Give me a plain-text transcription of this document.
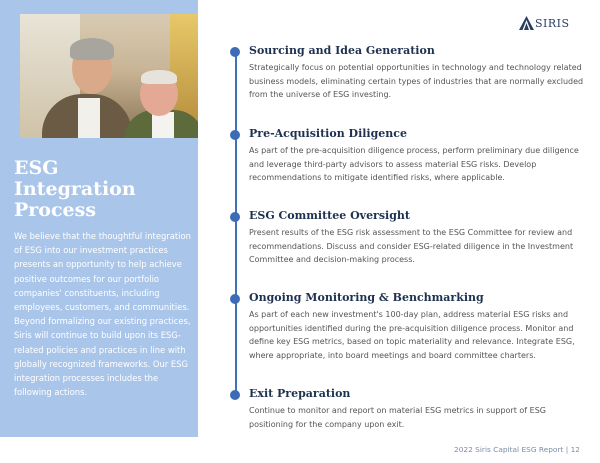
ESG
Integration
Process

We believe that the thoughtful integration of ESG into our investment practices presents an opportunity to help achieve positive outcomes for our portfolio companies' constituents, including employees, customers, and communities. Beyond formalizing our existing practices, Siris will continue to build upon its ESG-related policies and practices in line with globally recognized frameworks. Our ESG integration processes includes the following actions.

SIRIS
Sourcing and Idea Generation

Strategically focus on potential opportunities in technology and technology related business models, eliminating certain types of industries that are normally excluded from the universe of ESG investing.

Pre-Acquisition Diligence

As part of the pre-acquisition diligence process, perform preliminary due diligence and leverage third-party advisors to assess material ESG risks. Develop recommendations to mitigate identified risks, where applicable.

ESG Committee Oversight

Present results of the ESG risk assessment to the ESG Committee for review and recommendations. Discuss and consider ESG-related diligence in the Investment Committee and decision-making process.

Ongoing Monitoring & Benchmarking

As part of each new investment's 100-day plan, address material ESG risks and opportunities identified during the pre-acquisition diligence process. Monitor and define key ESG metrics, based on topic materiality and relevance. Integrate ESG, where appropriate, into board meetings and board committee charters.

Exit Preparation

Continue to monitor and report on material ESG metrics in support of ESG positioning for the company upon exit.

2022 Siris Capital ESG Report | 12
